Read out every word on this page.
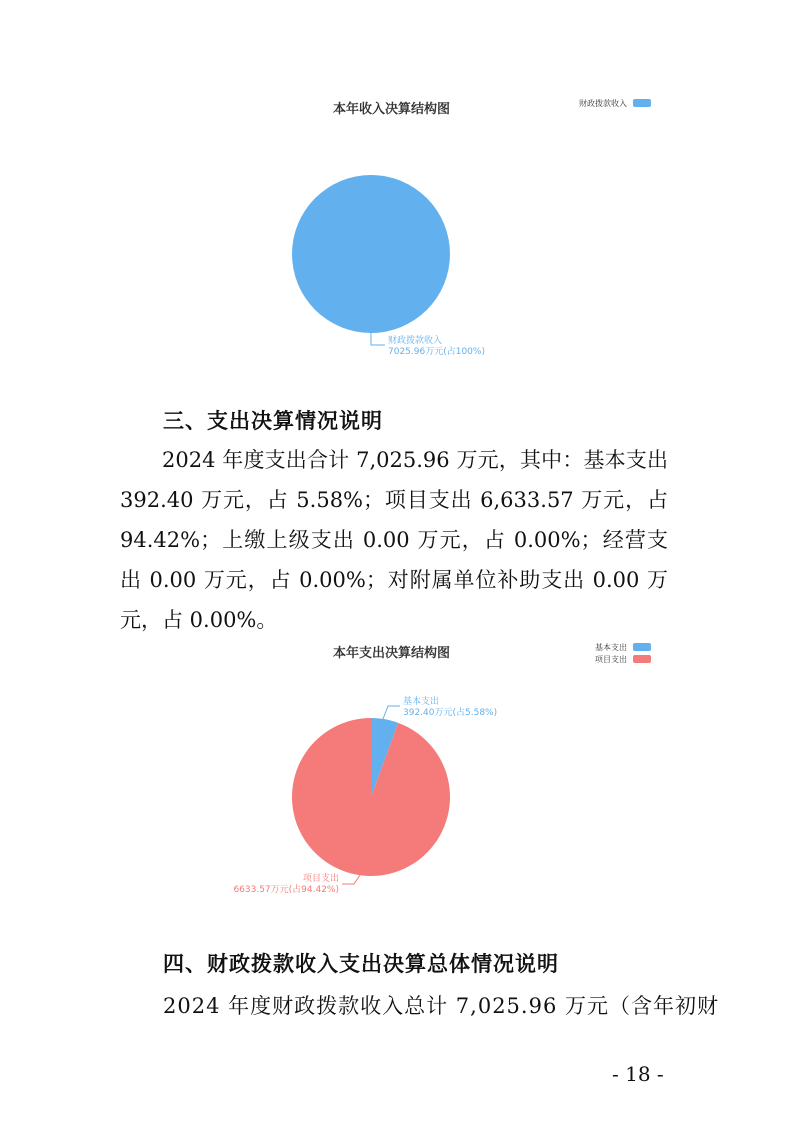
本年收入决算结构图	财政拨款收入
财政拨款收入
7025.96万元(占100%)
三、支出决算情况说明
2024 年度支出合计 7,025.96 万元，其中：基本支出 392.40 万元，占 5.58%；项目支出 6,633.57 万元，占 94.42%；上缴上级支出 0.00 万元，占 0.00%；经营支出 0.00 万元，占 0.00%；对附属单位补助支出 0.00 万元，占 0.00%。
本年支出决算结构图	基本支出
项目支出
基本支出
392.40万元(占5.58%)
项目支出
6633.57万元(占94.42%)
四、财政拨款收入支出决算总体情况说明
2024 年度财政拨款收入总计 7,025.96 万元（含年初财
- 18 -
